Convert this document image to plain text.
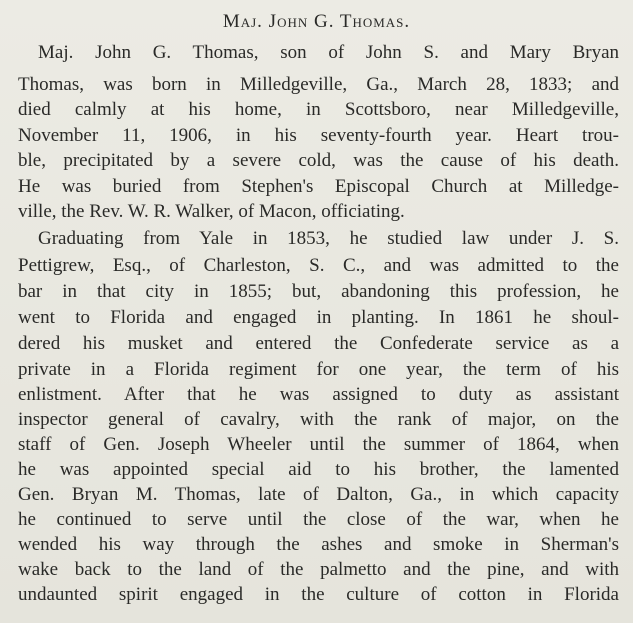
Maj. John G. Thomas.
Maj. John G. Thomas, son of John S. and Mary Bryan
Thomas, was born in Milledgeville, Ga., March 28, 1833; and
died calmly at his home, in Scottsboro, near Milledgeville,
November 11, 1906, in his seventy-fourth year. Heart trou-
ble, precipitated by a severe cold, was the cause of his death.
He was buried from Stephen's Episcopal Church at Milledge-
ville, the Rev. W. R. Walker, of Macon, officiating.
Graduating from Yale in 1853, he studied law under J. S.
Pettigrew, Esq., of Charleston, S. C., and was admitted to the
bar in that city in 1855; but, abandoning this profession, he
went to Florida and engaged in planting. In 1861 he shoul-
dered his musket and entered the Confederate service as a
private in a Florida regiment for one year, the term of his
enlistment. After that he was assigned to duty as assistant
inspector general of cavalry, with the rank of major, on the
staff of Gen. Joseph Wheeler until the summer of 1864, when
he was appointed special aid to his brother, the lamented
Gen. Bryan M. Thomas, late of Dalton, Ga., in which capacity
he continued to serve until the close of the war, when he
wended his way through the ashes and smoke in Sherman's
wake back to the land of the palmetto and the pine, and with
undaunted spirit engaged in the culture of cotton in Florida
